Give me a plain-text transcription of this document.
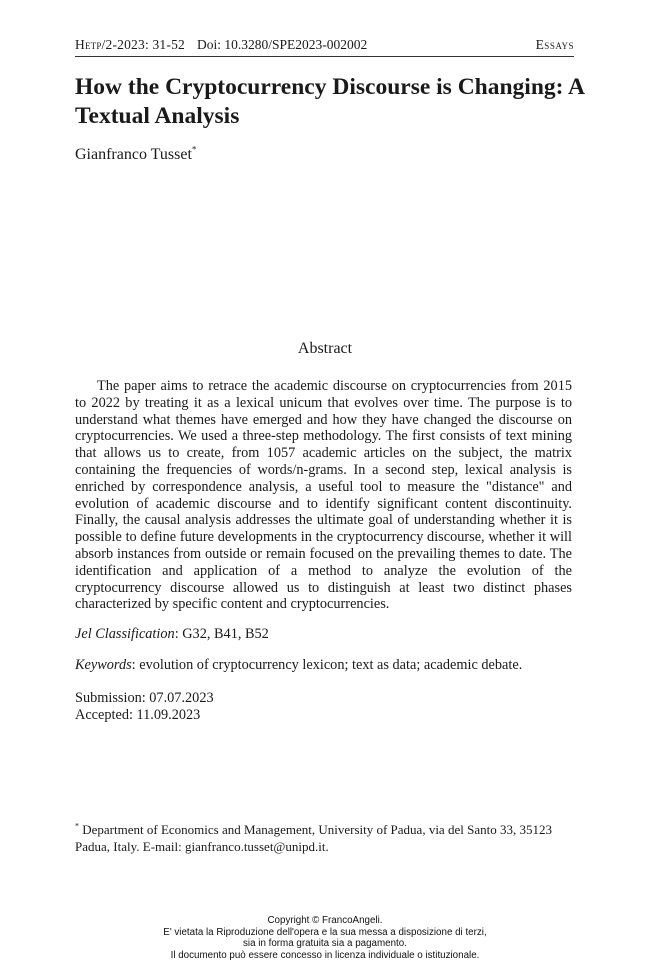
Hetp/2-2023: 31-52 Doi: 10.3280/SPE2023-002002	Essays
How the Cryptocurrency Discourse is Changing: A Textual Analysis
Gianfranco Tusset*
Abstract

The paper aims to retrace the academic discourse on cryptocurrencies from 2015 to 2022 by treating it as a lexical unicum that evolves over time. The purpose is to understand what themes have emerged and how they have changed the discourse on cryptocurrencies. We used a three-step methodology. The first consists of text mining that allows us to create, from 1057 academic articles on the subject, the matrix containing the frequencies of words/n-grams. In a second step, lexical analysis is enriched by correspondence analysis, a useful tool to measure the "distance" and evolution of academic discourse and to identify significant content discontinuity. Finally, the causal analysis addresses the ultimate goal of understanding whether it is possible to define future developments in the cryptocurrency discourse, whether it will absorb instances from outside or remain focused on the prevailing themes to date. The identification and application of a method to analyze the evolution of the cryptocurrency discourse allowed us to distinguish at least two distinct phases characterized by specific content and cryptocurrencies.

Jel Classification: G32, B41, B52
Keywords: evolution of cryptocurrency lexicon; text as data; academic debate.
Submission: 07.07.2023
Accepted: 11.09.2023
* Department of Economics and Management, University of Padua, via del Santo 33, 35123 Padua, Italy. E-mail: gianfranco.tusset@unipd.it.
Copyright © FrancoAngeli.
E' vietata la Riproduzione dell'opera e la sua messa a disposizione di terzi,
sia in forma gratuita sia a pagamento.
Il documento può essere concesso in licenza individuale o istituzionale.
